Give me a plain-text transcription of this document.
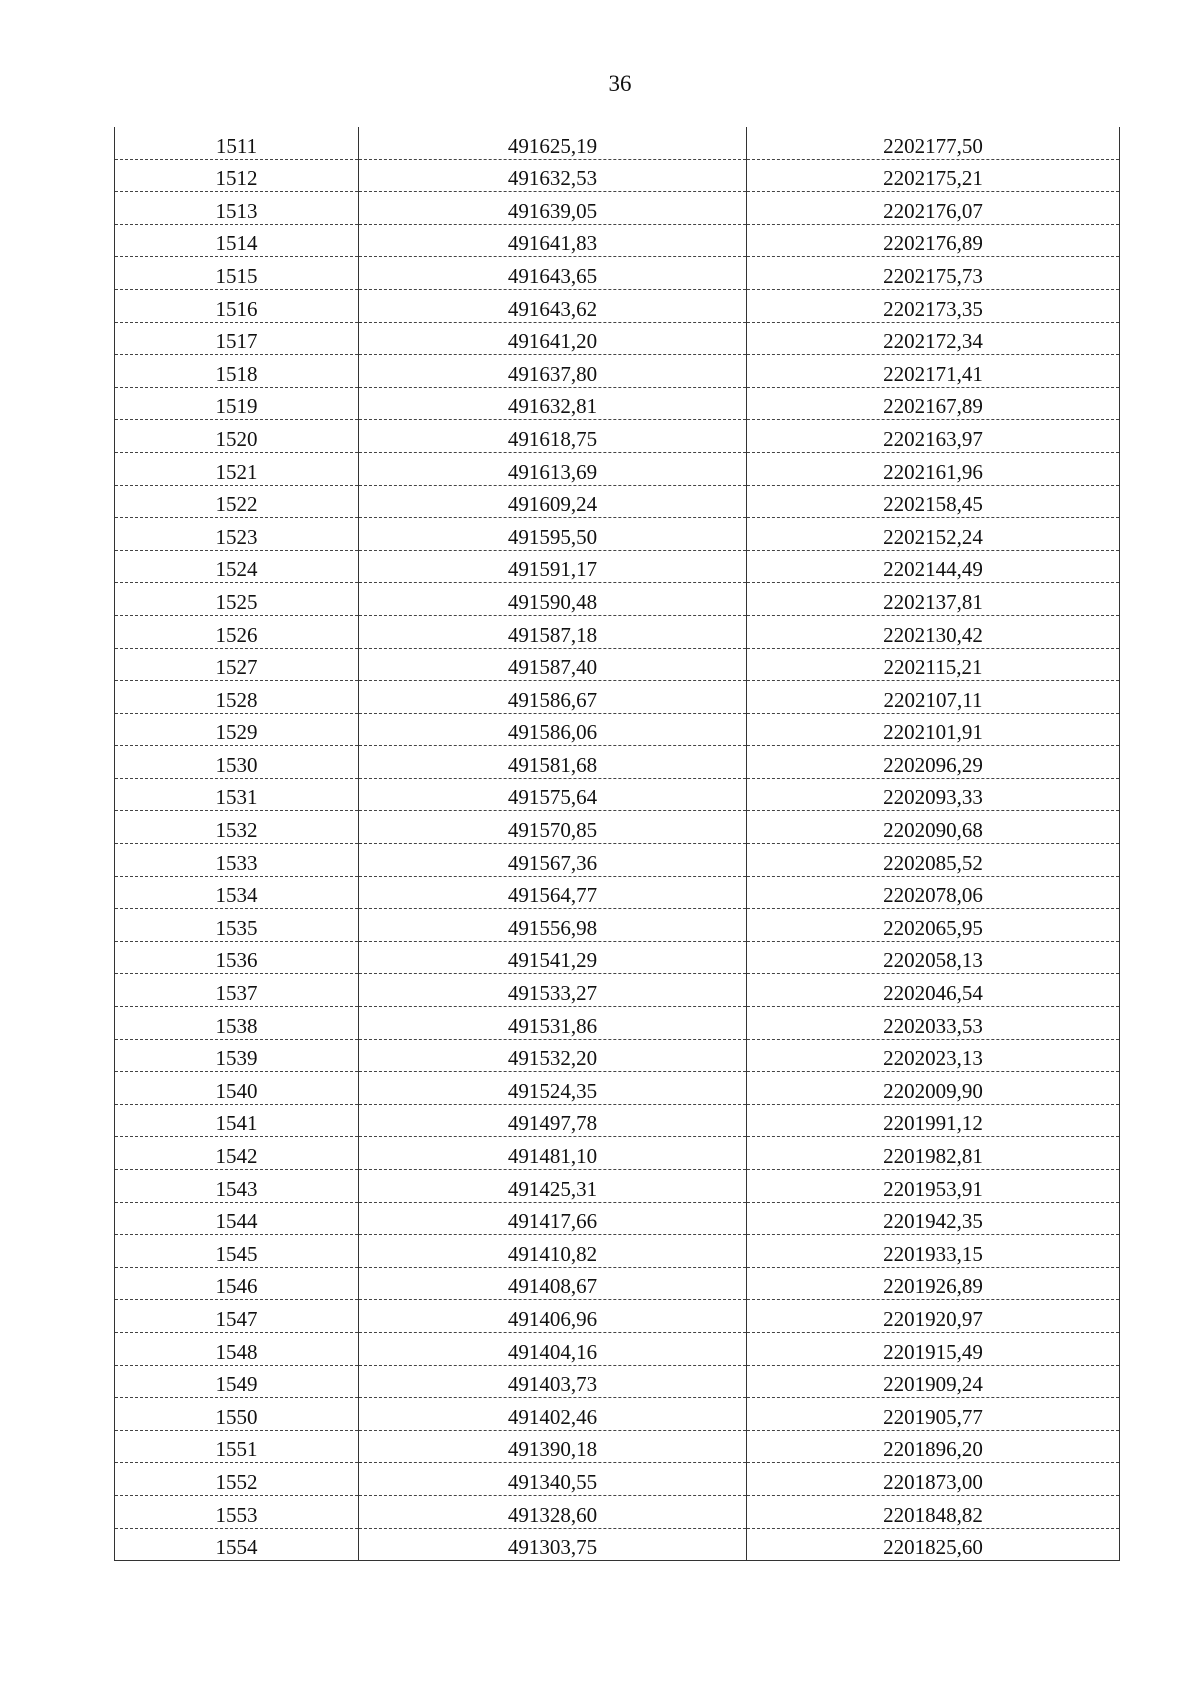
36
1511	491625,19	2202177,50
1512	491632,53	2202175,21
1513	491639,05	2202176,07
1514	491641,83	2202176,89
1515	491643,65	2202175,73
1516	491643,62	2202173,35
1517	491641,20	2202172,34
1518	491637,80	2202171,41
1519	491632,81	2202167,89
1520	491618,75	2202163,97
1521	491613,69	2202161,96
1522	491609,24	2202158,45
1523	491595,50	2202152,24
1524	491591,17	2202144,49
1525	491590,48	2202137,81
1526	491587,18	2202130,42
1527	491587,40	2202115,21
1528	491586,67	2202107,11
1529	491586,06	2202101,91
1530	491581,68	2202096,29
1531	491575,64	2202093,33
1532	491570,85	2202090,68
1533	491567,36	2202085,52
1534	491564,77	2202078,06
1535	491556,98	2202065,95
1536	491541,29	2202058,13
1537	491533,27	2202046,54
1538	491531,86	2202033,53
1539	491532,20	2202023,13
1540	491524,35	2202009,90
1541	491497,78	2201991,12
1542	491481,10	2201982,81
1543	491425,31	2201953,91
1544	491417,66	2201942,35
1545	491410,82	2201933,15
1546	491408,67	2201926,89
1547	491406,96	2201920,97
1548	491404,16	2201915,49
1549	491403,73	2201909,24
1550	491402,46	2201905,77
1551	491390,18	2201896,20
1552	491340,55	2201873,00
1553	491328,60	2201848,82
1554	491303,75	2201825,60
